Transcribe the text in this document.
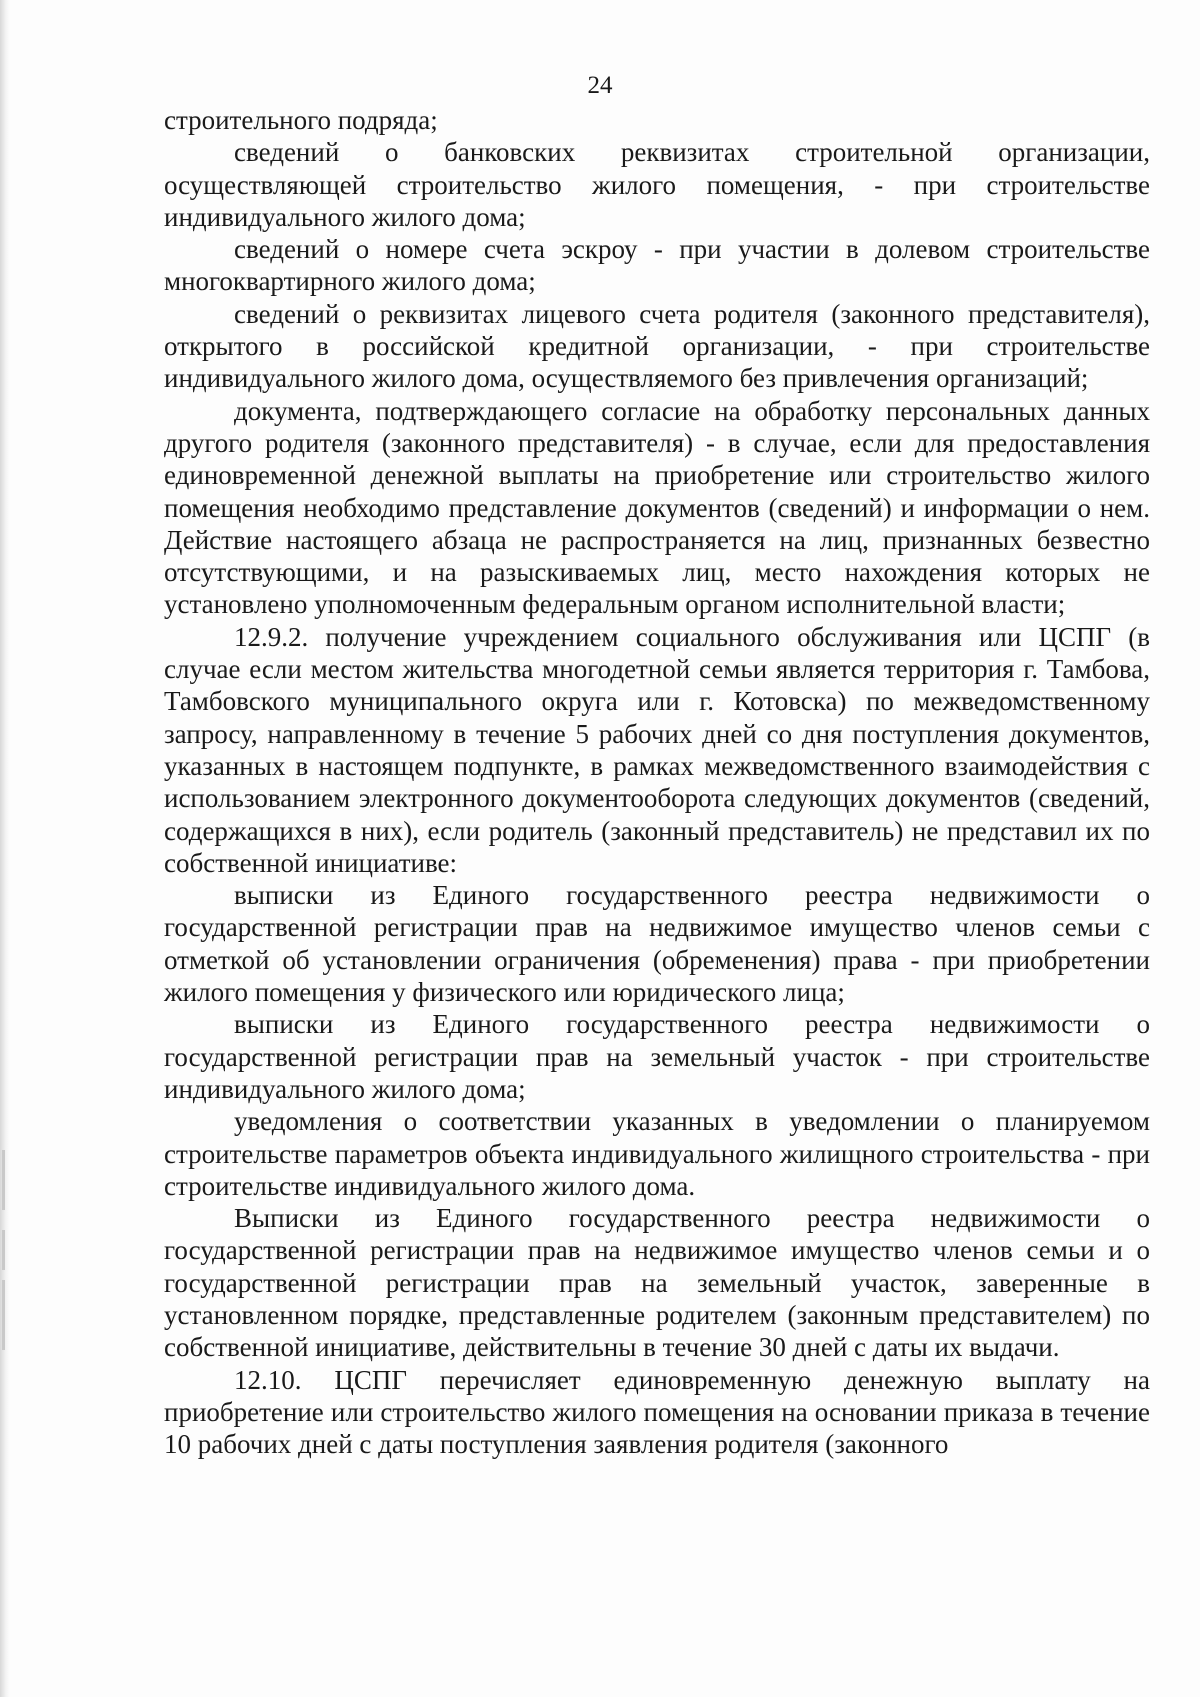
24

строительного подряда;

сведений о банковских реквизитах строительной организации, осуществляющей строительство жилого помещения, - при строительстве индивидуального жилого дома;

сведений о номере счета эскроу - при участии в долевом строительстве многоквартирного жилого дома;

сведений о реквизитах лицевого счета родителя (законного представителя), открытого в российской кредитной организации, - при строительстве индивидуального жилого дома, осуществляемого без привлечения организаций;

документа, подтверждающего согласие на обработку персональных данных другого родителя (законного представителя) - в случае, если для предоставления единовременной денежной выплаты на приобретение или строительство жилого помещения необходимо представление документов (сведений) и информации о нем. Действие настоящего абзаца не распространяется на лиц, признанных безвестно отсутствующими, и на разыскиваемых лиц, место нахождения которых не установлено уполномоченным федеральным органом исполнительной власти;

12.9.2. получение учреждением социального обслуживания или ЦСПГ (в случае если местом жительства многодетной семьи является территория г. Тамбова, Тамбовского муниципального округа или г. Котовска) по межведомственному запросу, направленному в течение 5 рабочих дней со дня поступления документов, указанных в настоящем подпункте, в рамках межведомственного взаимодействия с использованием электронного документооборота следующих документов (сведений, содержащихся в них), если родитель (законный представитель) не представил их по собственной инициативе:

выписки из Единого государственного реестра недвижимости о государственной регистрации прав на недвижимое имущество членов семьи с отметкой об установлении ограничения (обременения) права - при приобретении жилого помещения у физического или юридического лица;

выписки из Единого государственного реестра недвижимости о государственной регистрации прав на земельный участок - при строительстве индивидуального жилого дома;

уведомления о соответствии указанных в уведомлении о планируемом строительстве параметров объекта индивидуального жилищного строительства - при строительстве индивидуального жилого дома.

Выписки из Единого государственного реестра недвижимости о государственной регистрации прав на недвижимое имущество членов семьи и о государственной регистрации прав на земельный участок, заверенные в установленном порядке, представленные родителем (законным представителем) по собственной инициативе, действительны в течение 30 дней с даты их выдачи.

12.10. ЦСПГ перечисляет единовременную денежную выплату на приобретение или строительство жилого помещения на основании приказа в течение 10 рабочих дней с даты поступления заявления родителя (законного
